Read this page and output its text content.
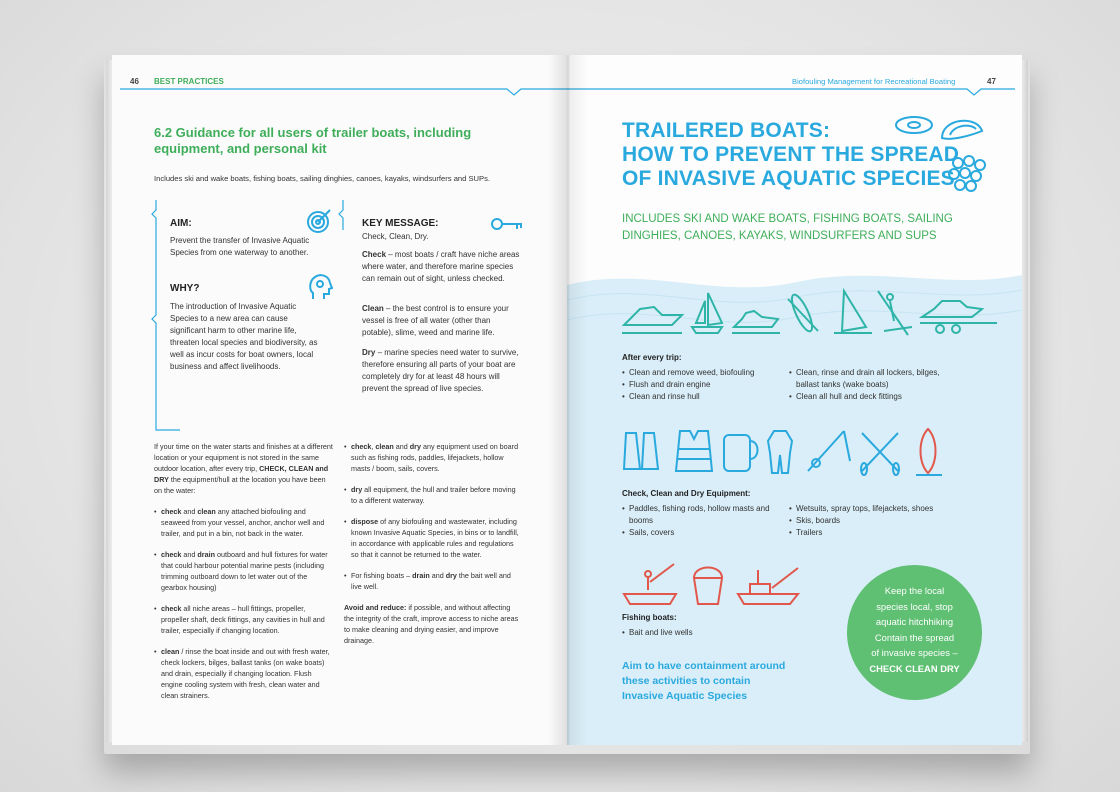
46 BEST PRACTICES
6.2 Guidance for all users of trailer boats, including equipment, and personal kit
Includes ski and wake boats, fishing boats, sailing dinghies, canoes, kayaks, windsurfers and SUPs.
AIM:
Prevent the transfer of Invasive Aquatic Species from one waterway to another.
WHY?
The introduction of Invasive Aquatic Species to a new area can cause significant harm to other marine life, threaten local species and biodiversity, as well as incur costs for boat owners, local business and affect livelihoods.
KEY MESSAGE:
Check, Clean, Dry.
Check – most boats / craft have niche areas where water, and therefore marine species can remain out of sight, unless checked.
Clean – the best control is to ensure your vessel is free of all water (other than potable), slime, weed and marine life.
Dry – marine species need water to survive, therefore ensuring all parts of your boat are completely dry for at least 48 hours will prevent the spread of live species.
If your time on the water starts and finishes at a different location or your equipment is not stored in the same outdoor location, after every trip, CHECK, CLEAN and DRY the equipment/hull at the location you have been on the water:
• check and clean any attached biofouling and seaweed from your vessel, anchor, anchor well and trailer, and put in a bin, not back in the water.
• check and drain outboard and hull fixtures for water that could harbour potential marine pests (including trimming outboard down to let water out of the gearbox housing)
• check all niche areas – hull fittings, propeller, propeller shaft, deck fittings, any cavities in hull and trailer, especially if changing location.
• clean / rinse the boat inside and out with fresh water, check lockers, bilges, ballast tanks (on wake boats) and drain, especially if changing location. Flush engine cooling system with fresh, clean water and clean strainers.
• check, clean and dry any equipment used on board such as fishing rods, paddles, lifejackets, hollow masts / boom, sails, covers.
• dry all equipment, the hull and trailer before moving to a different waterway.
• dispose of any biofouling and wastewater, including known Invasive Aquatic Species, in bins or to landfill, in accordance with applicable rules and regulations so that it cannot be returned to the water.
• For fishing boats – drain and dry the bait well and live well.
Avoid and reduce: if possible, and without affecting the integrity of the craft, improve access to niche areas to make cleaning and drying easier, and improve drainage.
Biofouling Management for Recreational Boating	47
TRAILERED BOATS:
HOW TO PREVENT THE SPREAD
OF INVASIVE AQUATIC SPECIES
INCLUDES SKI AND WAKE BOATS, FISHING BOATS, SAILING
DINGHIES, CANOES, KAYAKS, WINDSURFERS AND SUPS
After every trip:
• Clean and remove weed, biofouling
• Flush and drain engine
• Clean and rinse hull
• Clean, rinse and drain all lockers, bilges, ballast tanks (wake boats)
• Clean all hull and deck fittings
Check, Clean and Dry Equipment:
• Paddles, fishing rods, hollow masts and booms
• Sails, covers
• Wetsuits, spray tops, lifejackets, shoes
• Skis, boards
• Trailers
Fishing boats:
• Bait and live wells
Aim to have containment around
these activities to contain
Invasive Aquatic Species
Keep the local
species local, stop
aquatic hitchhiking
Contain the spread
of invasive species –
CHECK CLEAN DRY
